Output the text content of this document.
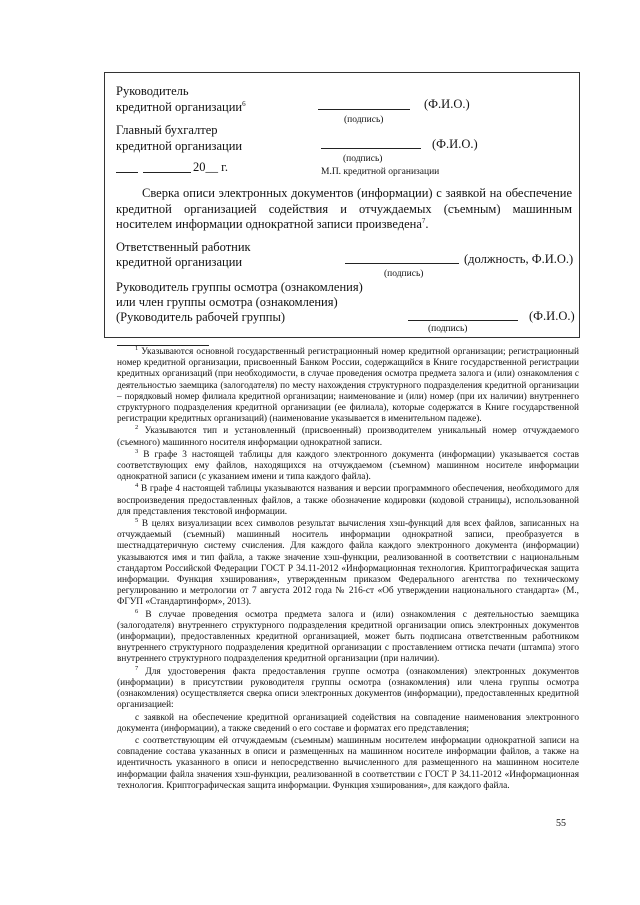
Руководитель
кредитной организации$^6$	(Ф.И.О.)
(подпись)
Главный бухгалтер
кредитной организации	(Ф.И.О.)
(подпись)
20__ г.	М.П. кредитной организации

Сверка описи электронных документов (информации) с заявкой на обеспечение кредитной организацией содействия и отчуждаемых (съемным) машинным носителем информации однократной записи произведена$^7$.

Ответственный работник
кредитной организации	(должность, Ф.И.О.)
(подпись)
Руководитель группы осмотра (ознакомления)
или член группы осмотра (ознакомления)
(Руководитель рабочей группы)	(Ф.И.О.)
(подпись)

$^1$ Указываются основной государственный регистрационный номер кредитной организации; регистрационный номер кредитной организации, присвоенный Банком России, содержащийся в Книге государственной регистрации кредитных организаций (при необходимости, в случае проведения осмотра предмета залога и (или) ознакомления с деятельностью заемщика (залогодателя) по месту нахождения структурного подразделения кредитной организации – порядковый номер филиала кредитной организации; наименование и (или) номер (при их наличии) внутреннего структурного подразделения кредитной организации (ее филиала), которые содержатся в Книге государственной регистрации кредитных организаций) (наименование указывается в именительном падеже).

$^2$ Указываются тип и установленный (присвоенный) производителем уникальный номер отчуждаемого (съемного) машинного носителя информации однократной записи.

$^3$ В графе 3 настоящей таблицы для каждого электронного документа (информации) указывается состав соответствующих ему файлов, находящихся на отчуждаемом (съемном) машинном носителе информации однократной записи (с указанием имени и типа каждого файла).

$^4$ В графе 4 настоящей таблицы указываются названия и версии программного обеспечения, необходимого для воспроизведения предоставленных файлов, а также обозначение кодировки (кодовой страницы), использованной для представления текстовой информации.

$^5$ В целях визуализации всех символов результат вычисления хэш-функций для всех файлов, записанных на отчуждаемый (съемный) машинный носитель информации однократной записи, преобразуется в шестнадцатеричную систему счисления. Для каждого файла каждого электронного документа (информации) указываются имя и тип файла, а также значение хэш-функции, реализованной в соответствии с национальным стандартом Российской Федерации ГОСТ Р 34.11-2012 «Информационная технология. Криптографическая защита информации. Функция хэширования», утвержденным приказом Федерального агентства по техническому регулированию и метрологии от 7 августа 2012 года № 216-ст «Об утверждении национального стандарта» (М., ФГУП «Стандартинформ», 2013).

$^6$ В случае проведения осмотра предмета залога и (или) ознакомления с деятельностью заемщика (залогодателя) внутреннего структурного подразделения кредитной организации опись электронных документов (информации), предоставленных кредитной организацией, может быть подписана ответственным работником внутреннего структурного подразделения кредитной организации с проставлением оттиска печати (штампа) этого внутреннего структурного подразделения кредитной организации (при наличии).

$^7$ Для удостоверения факта предоставления группе осмотра (ознакомления) электронных документов (информации) в присутствии руководителя группы осмотра (ознакомления) или члена группы осмотра (ознакомления) осуществляется сверка описи электронных документов (информации), предоставленных кредитной организацией:

с заявкой на обеспечение кредитной организацией содействия на совпадение наименования электронного документа (информации), а также сведений о его составе и форматах его представления;

с соответствующим ей отчуждаемым (съемным) машинным носителем информации однократной записи на совпадение состава указанных в описи и размещенных на машинном носителе информации файлов, а также на идентичность указанного в описи и непосредственно вычисленного для размещенного на машинном носителе информации файла значения хэш-функции, реализованной в соответствии с ГОСТ Р 34.11-2012 «Информационная технология. Криптографическая защита информации. Функция хэширования», для каждого файла.

55
